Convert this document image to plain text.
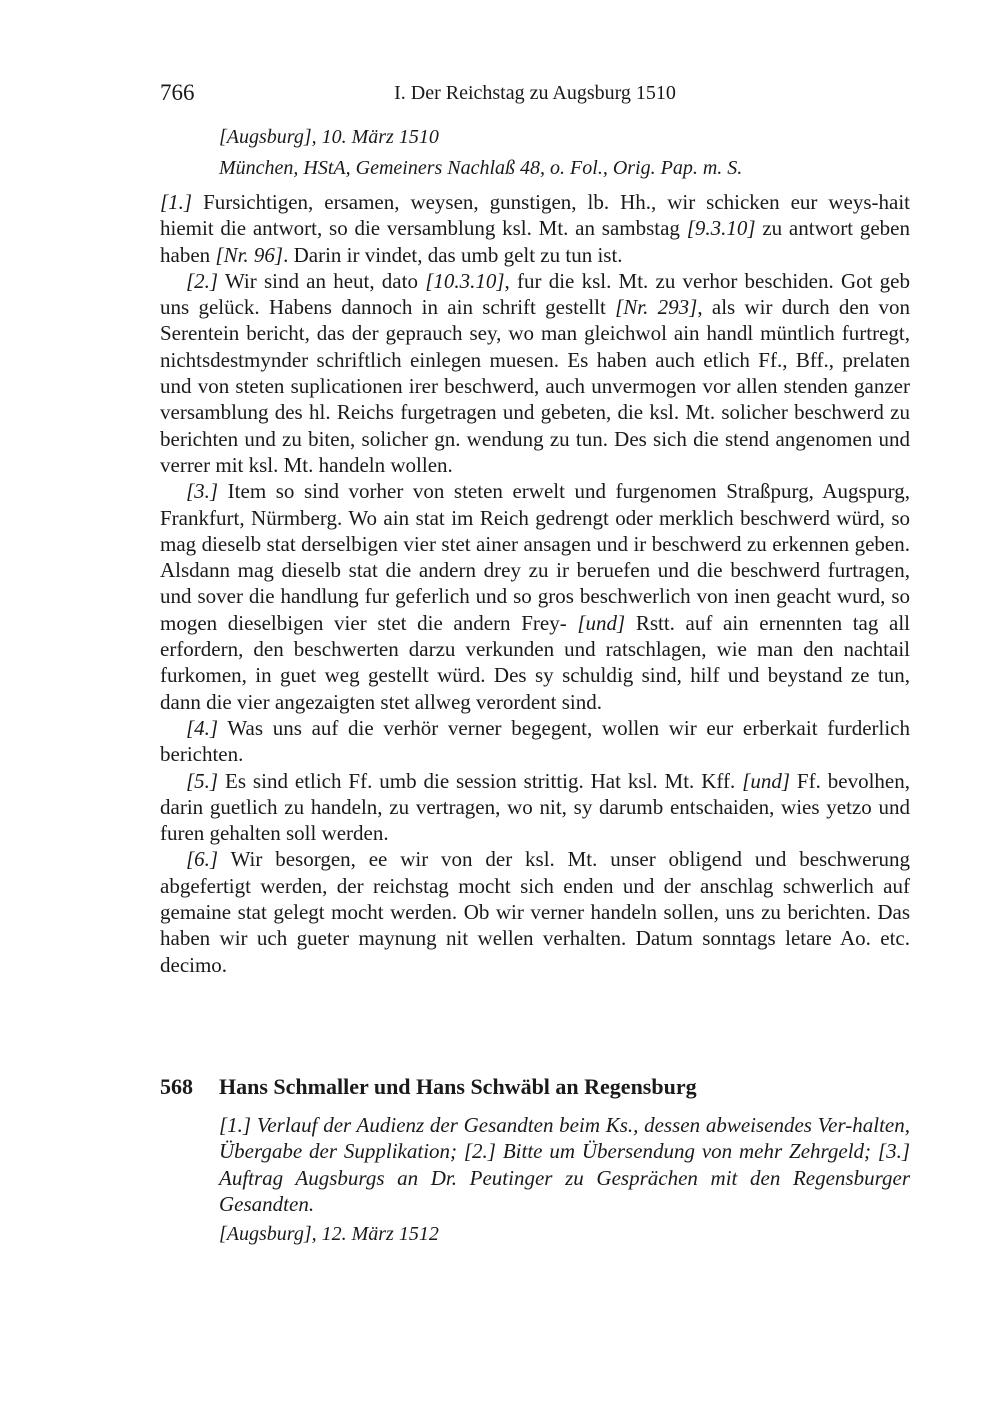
766	I. Der Reichstag zu Augsburg 1510
[Augsburg], 10. März 1510
München, HStA, Gemeiners Nachlaß 48, o. Fol., Orig. Pap. m. S.

[1.] Fursichtigen, ersamen, weysen, gunstigen, lb. Hh., wir schicken eur weys-hait hiemit die antwort, so die versamblung ksl. Mt. an sambstag [9.3.10] zu antwort geben haben [Nr. 96]. Darin ir vindet, das umb gelt zu tun ist.

[2.] Wir sind an heut, dato [10.3.10], fur die ksl. Mt. zu verhor beschiden. Got geb uns gelück. Habens dannoch in ain schrift gestellt [Nr. 293], als wir durch den von Serentein bericht, das der geprauch sey, wo man gleichwol ain handl müntlich furtregt, nichtsdestmynder schriftlich einlegen muesen. Es haben auch etlich Ff., Bff., prelaten und von steten suplicationen irer beschwerd, auch unvermogen vor allen stenden ganzer versamblung des hl. Reichs furgetragen und gebeten, die ksl. Mt. solicher beschwerd zu berichten und zu biten, solicher gn. wendung zu tun. Des sich die stend angenomen und verrer mit ksl. Mt. handeln wollen.

[3.] Item so sind vorher von steten erwelt und furgenomen Straßpurg, Augspurg, Frankfurt, Nürmberg. Wo ain stat im Reich gedrengt oder merklich beschwerd würd, so mag dieselb stat derselbigen vier stet ainer ansagen und ir beschwerd zu erkennen geben. Alsdann mag dieselb stat die andern drey zu ir beruefen und die beschwerd furtragen, und sover die handlung fur geferlich und so gros beschwerlich von inen geacht wurd, so mogen dieselbigen vier stet die andern Frey- [und] Rstt. auf ain ernennten tag all erfordern, den beschwerten darzu verkunden und ratschlagen, wie man den nachtail furkomen, in guet weg gestellt würd. Des sy schuldig sind, hilf und beystand ze tun, dann die vier angezaigten stet allweg verordent sind.

[4.] Was uns auf die verhör verner begegent, wollen wir eur erberkait furderlich berichten.

[5.] Es sind etlich Ff. umb die session strittig. Hat ksl. Mt. Kff. [und] Ff. bevolhen, darin guetlich zu handeln, zu vertragen, wo nit, sy darumb entschaiden, wies yetzo und furen gehalten soll werden.

[6.] Wir besorgen, ee wir von der ksl. Mt. unser obligend und beschwerung abgefertigt werden, der reichstag mocht sich enden und der anschlag schwerlich auf gemaine stat gelegt mocht werden. Ob wir verner handeln sollen, uns zu berichten. Das haben wir uch gueter maynung nit wellen verhalten. Datum sonntags letare Ao. etc. decimo.

568 Hans Schmaller und Hans Schwäbl an Regensburg

[1.] Verlauf der Audienz der Gesandten beim Ks., dessen abweisendes Ver-halten, Übergabe der Supplikation; [2.] Bitte um Übersendung von mehr Zehrgeld; [3.] Auftrag Augsburgs an Dr. Peutinger zu Gesprächen mit den Regensburger Gesandten.

[Augsburg], 12. März 1512
